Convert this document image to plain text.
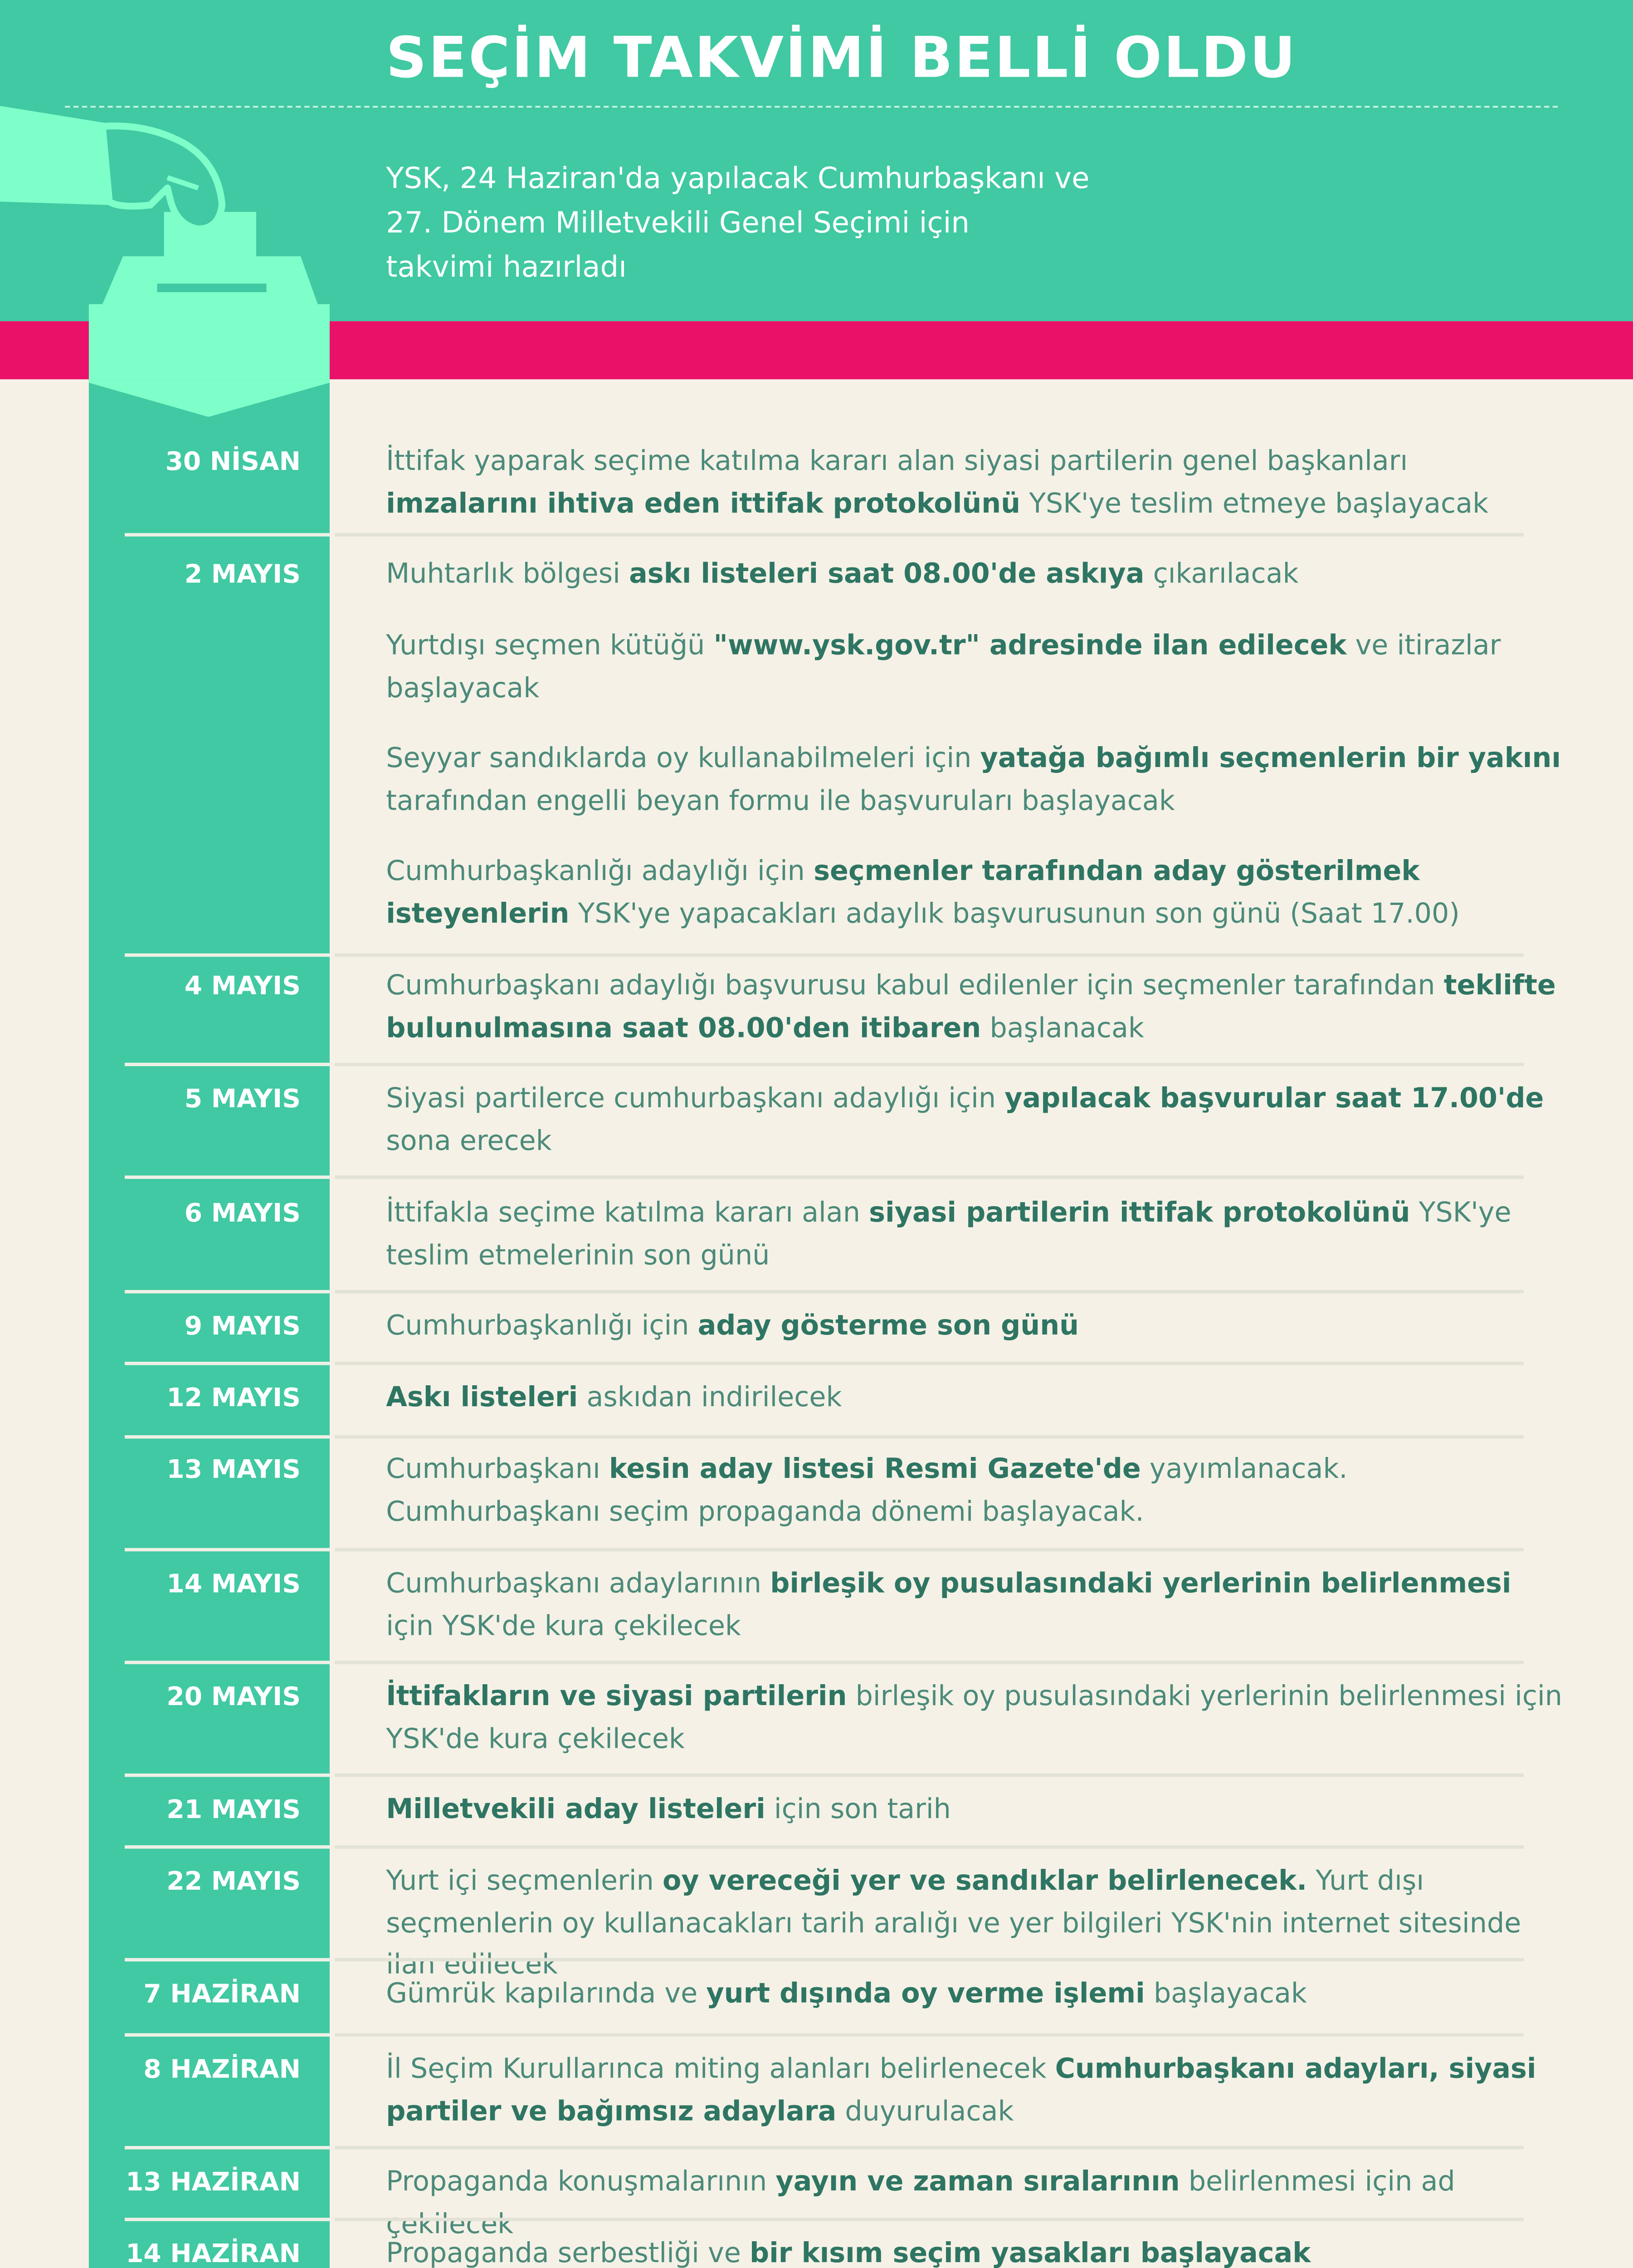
SEÇİM TAKVİMİ BELLİ OLDU
YSK, 24 Haziran'da yapılacak Cumhurbaşkanı ve
27. Dönem Milletvekili Genel Seçimi için
takvimi hazırladı
30 NİSAN	İttifak yaparak seçime katılma kararı alan siyasi partilerin genel başkanları imzalarını ihtiva eden ittifak protokolünü YSK'ye teslim etmeye başlayacak
2 MAYIS	Muhtarlık bölgesi askı listeleri saat 08.00'de askıya çıkarılacak
Yurtdışı seçmen kütüğü "www.ysk.gov.tr" adresinde ilan edilecek ve itirazlar başlayacak
Seyyar sandıklarda oy kullanabilmeleri için yatağa bağımlı seçmenlerin bir yakını tarafından engelli beyan formu ile başvuruları başlayacak
Cumhurbaşkanlığı adaylığı için seçmenler tarafından aday gösterilmek isteyenlerin YSK'ye yapacakları adaylık başvurusunun son günü (Saat 17.00)
4 MAYIS	Cumhurbaşkanı adaylığı başvurusu kabul edilenler için seçmenler tarafından teklifte bulunulmasına saat 08.00'den itibaren başlanacak
5 MAYIS	Siyasi partilerce cumhurbaşkanı adaylığı için yapılacak başvurular saat 17.00'de sona erecek
6 MAYIS	İttifakla seçime katılma kararı alan siyasi partilerin ittifak protokolünü YSK'ye teslim etmelerinin son günü
9 MAYIS	Cumhurbaşkanlığı için aday gösterme son günü
12 MAYIS	Askı listeleri askıdan indirilecek
13 MAYIS	Cumhurbaşkanı kesin aday listesi Resmi Gazete'de yayımlanacak. Cumhurbaşkanı seçim propaganda dönemi başlayacak.
14 MAYIS	Cumhurbaşkanı adaylarının birleşik oy pusulasındaki yerlerinin belirlenmesi için YSK'de kura çekilecek
20 MAYIS	İttifakların ve siyasi partilerin birleşik oy pusulasındaki yerlerinin belirlenmesi için YSK'de kura çekilecek
21 MAYIS	Milletvekili aday listeleri için son tarih
22 MAYIS	Yurt içi seçmenlerin oy vereceği yer ve sandıklar belirlenecek. Yurt dışı seçmenlerin oy kullanacakları tarih aralığı ve yer bilgileri YSK'nin internet sitesinde ilan edilecek
7 HAZİRAN	Gümrük kapılarında ve yurt dışında oy verme işlemi başlayacak
8 HAZİRAN	İl Seçim Kurullarınca miting alanları belirlenecek Cumhurbaşkanı adayları, siyasi partiler ve bağımsız adaylara duyurulacak
13 HAZİRAN	Propaganda konuşmalarının yayın ve zaman sıralarının belirlenmesi için ad çekilecek
14 HAZİRAN	Propaganda serbestliği ve bir kısım seçim yasakları başlayacak
